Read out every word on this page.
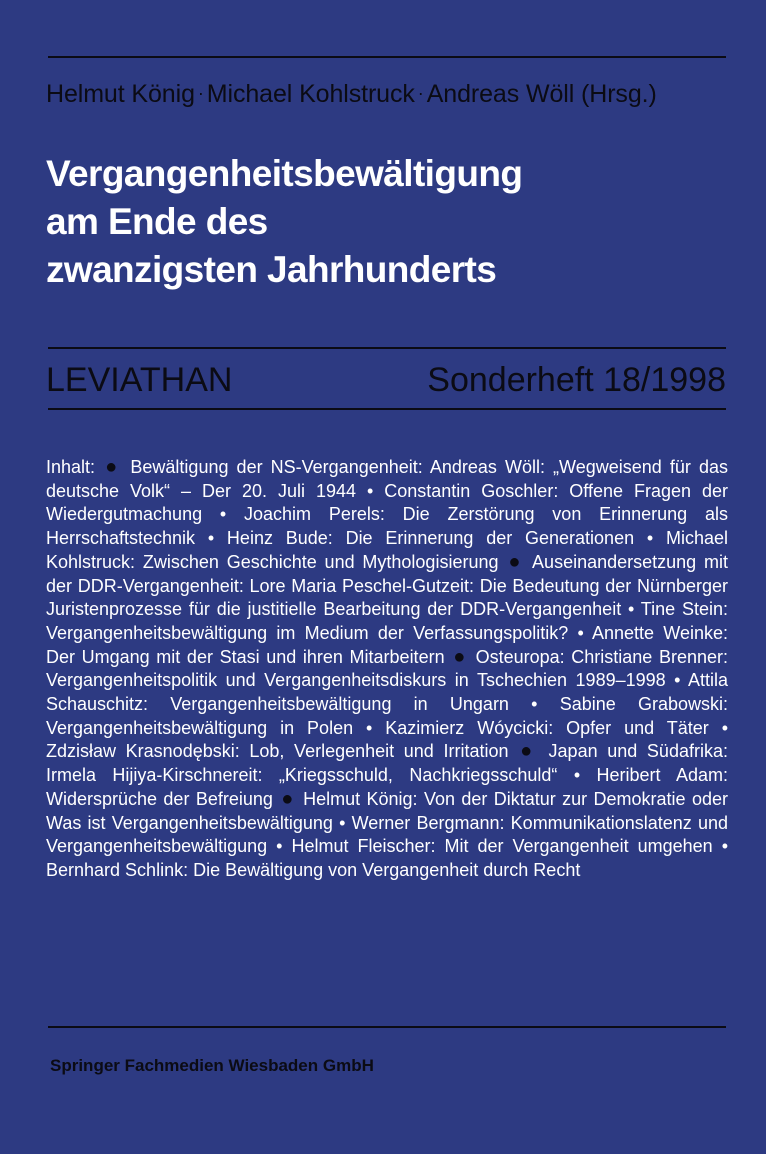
Helmut König · Michael Kohlstruck · Andreas Wöll (Hrsg.)
Vergangenheitsbewältigung
am Ende des
zwanzigsten Jahrhunderts
LEVIATHAN	Sonderheft 18/1998
Inhalt: ● Bewältigung der NS-Vergangenheit: Andreas Wöll: „Wegweisend für das deutsche Volk“ – Der 20. Juli 1944 • Constantin Goschler: Offene Fragen der Wiedergutmachung • Joachim Perels: Die Zerstörung von Erinnerung als Herrschaftstechnik • Heinz Bude: Die Erinnerung der Generationen • Michael Kohlstruck: Zwischen Geschichte und Mythologisierung ● Auseinandersetzung mit der DDR-Vergangenheit: Lore Maria Peschel-Gutzeit: Die Bedeutung der Nürnberger Juristenprozesse für die justitielle Bearbeitung der DDR-Vergangenheit • Tine Stein: Vergangenheitsbewältigung im Medium der Verfassungspolitik? • Annette Weinke: Der Umgang mit der Stasi und ihren Mitarbeitern ● Osteuropa: Christiane Brenner: Vergangenheitspolitik und Vergangenheitsdiskurs in Tschechien 1989–1998 • Attila Schauschitz: Vergangenheitsbewältigung in Ungarn • Sabine Grabowski: Vergangenheitsbewältigung in Polen • Kazimierz Wóycicki: Opfer und Täter • Zdzisław Krasnodębski: Lob, Verlegenheit und Irritation ● Japan und Südafrika: Irmela Hijiya-Kirschnereit: „Kriegsschuld, Nachkriegsschuld“ • Heribert Adam: Widersprüche der Befreiung ● Helmut König: Von der Diktatur zur Demokratie oder Was ist Vergangenheitsbewältigung • Werner Bergmann: Kommunikationslatenz und Vergangenheitsbewältigung • Helmut Fleischer: Mit der Vergangenheit umgehen • Bernhard Schlink: Die Bewältigung von Vergangenheit durch Recht
Springer Fachmedien Wiesbaden GmbH
